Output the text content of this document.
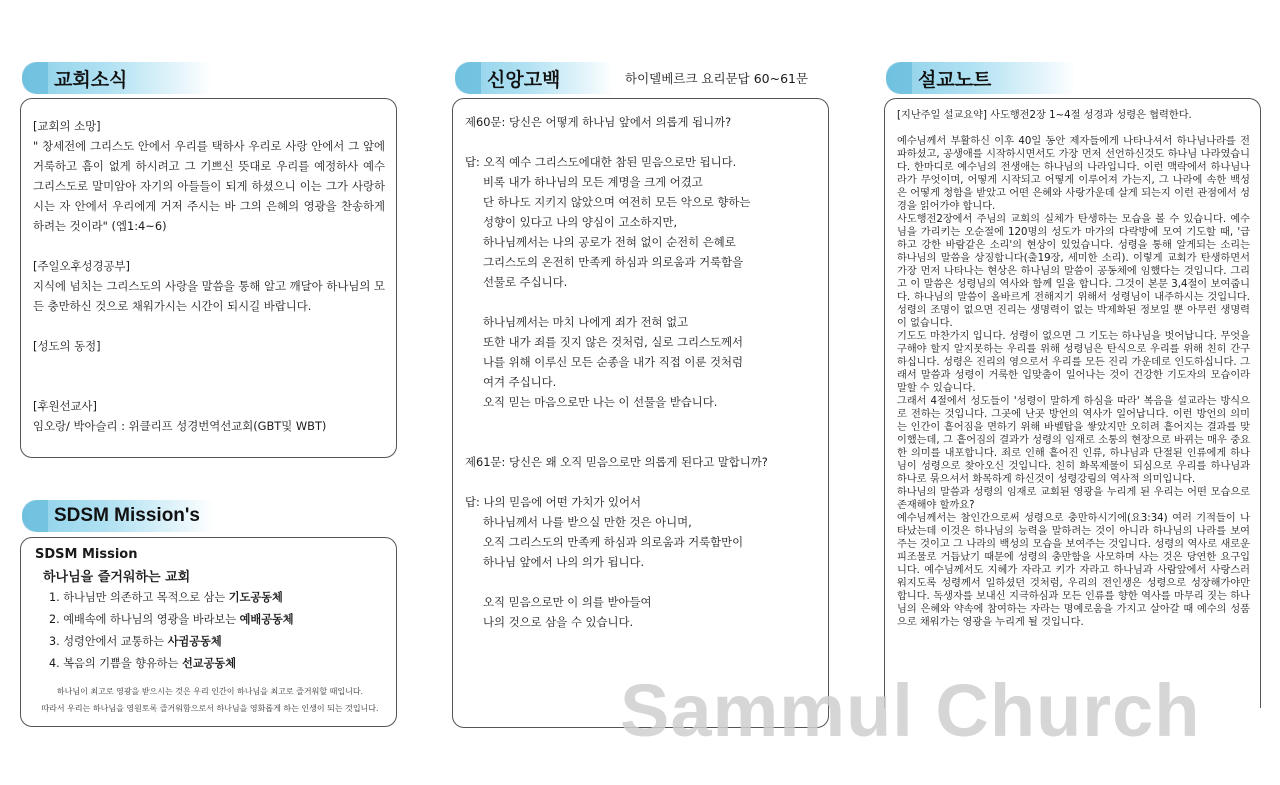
교회소식
[교회의 소망]
" 창세전에 그리스도 안에서 우리를 택하사 우리로 사랑 안에서 그 앞에 거룩하고 흠이 없게 하시려고 그 기쁘신 뜻대로 우리를 예정하사 예수 그리스도로 말미암아 자기의 아들들이 되게 하셨으니 이는 그가 사랑하시는 자 안에서 우리에게 거저 주시는 바 그의 은혜의 영광을 찬송하게 하려는 것이라" (엡1:4~6)
[주일오후성경공부]
지식에 넘치는 그리스도의 사랑을 말씀을 통해 알고 깨달아 하나님의 모든 충만하신 것으로 채워가시는 시간이 되시길 바랍니다.
[성도의 동정]
[후원선교사]
임오랑/ 박아슬리 : 위클리프 성경번역선교회(GBT및 WBT)
SDSM Mission's
SDSM Mission
하나님을 즐거워하는 교회
1. 하나님만 의존하고 목적으로 삼는 기도공동체
2. 예배속에 하나님의 영광을 바라보는 예배공동체
3. 성령안에서 교통하는 사귐공동체
4. 복음의 기쁨을 향유하는 선교공동체
하나님이 최고로 영광을 받으시는 것은 우리 인간이 하나님을 최고로 즐거워할 때입니다.
따라서 우리는 하나님을 영원토록 즐거워함으로서 하나님을 영화롭게 하는 인생이 되는 것입니다.
신앙고백	하이델베르크 요리문답 60~61문
제60문: 당신은 어떻게 하나님 앞에서 의롭게 됩니까?
답: 오직 예수 그리스도에대한 참된 믿음으로만 됩니다.
비록 내가 하나님의 모든 계명을 크게 어겼고
단 하나도 지키지 않았으며 여전히 모든 악으로 향하는
성향이 있다고 나의 양심이 고소하지만,
하나님께서는 나의 공로가 전혀 없이 순전히 은혜로
그리스도의 온전히 만족케 하심과 의로움과 거룩함을
선물로 주십니다.
하나님께서는 마치 나에게 죄가 전혀 없고
또한 내가 죄를 짓지 않은 것처럼, 실로 그리스도께서
나를 위해 이루신 모든 순종을 내가 직접 이룬 것처럼
여겨 주십니다.
오직 믿는 마음으로만 나는 이 선물을 받습니다.
제61문: 당신은 왜 오직 믿음으로만 의롭게 된다고 말합니까?
답: 나의 믿음에 어떤 가치가 있어서
하나님께서 나를 받으실 만한 것은 아니며,
오직 그리스도의 만족케 하심과 의로움과 거룩함만이
하나님 앞에서 나의 의가 됩니다.
오직 믿음으로만 이 의를 받아들여
나의 것으로 삼을 수 있습니다.
설교노트
[지난주일 설교요약] 사도행전2장 1~4절 성경과 성령은 협력한다.
예수님께서 부활하신 이후 40일 동안 제자들에게 나타나셔서 하나님나라를 전파하셨고, 공생애를 시작하시면서도 가장 먼저 선언하신것도 하나님 나라였습니다. 한마디로 예수님의 전생애는 하나님의 나라입니다. 이런 맥락에서 하나님나라가 무엇이며, 어떻게 시작되고 어떻게 이루어져 가는지, 그 나라에 속한 백성은 어떻게 청함을 받았고 어떤 은혜와 사랑가운데 살게 되는지 이런 관점에서 성경을 읽어가야 합니다.
사도행전2장에서 주님의 교회의 실체가 탄생하는 모습을 볼 수 있습니다. 예수님을 가리키는 오순절에 120명의 성도가 마가의 다락방에 모여 기도할 때, '급하고 강한 바람같은 소리'의 현상이 있었습니다. 성령을 통해 알게되는 소리는 하나님의 말씀을 상징합니다(출19장, 세미한 소리). 이렇게 교회가 탄생하면서 가장 먼저 나타나는 현상은 하나님의 말씀이 공동체에 임했다는 것입니다. 그리고 이 말씀은 성령님의 역사와 함께 일을 합니다. 그것이 본문 3,4절이 보여줍니다. 하나님의 말씀이 올바르게 전해지기 위해서 성령님이 내주하시는 것입니다. 성령의 조명이 없으면 진리는 생명력이 없는 박제화된 정보일 뿐 아무런 생명력이 없습니다.
기도도 마찬가지 입니다. 성령이 없으면 그 기도는 하나님을 벗어납니다. 무엇을 구해야 할지 알지못하는 우리를 위해 성령님은 탄식으로 우리를 위해 친히 간구하십니다. 성령은 진리의 영으로서 우리를 모든 진리 가운데로 인도하십니다. 그래서 말씀과 성령이 거룩한 입맞춤이 일어나는 것이 건강한 기도자의 모습이라 말할 수 있습니다.
그래서 4절에서 성도들이 '성령이 말하게 하심을 따라' 복음을 설교라는 방식으로 전하는 것입니다. 그곳에 난곳 방언의 역사가 일어납니다. 이런 방언의 의미는 인간이 흩어짐을 면하기 위해 바벨탑을 쌓았지만 오히려 흩어지는 결과를 맞이했는데, 그 흩어짐의 결과가 성령의 임재로 소통의 현장으로 바뀌는 매우 중요한 의미를 내포합니다. 죄로 인해 흩어진 인류, 하나님과 단절된 인류에게 하나님이 성령으로 찾아오신 것입니다. 친히 화목제물이 되심으로 우리를 하나님과 하나로 묶으셔서 화목하게 하신것이 성령강림의 역사적 의미입니다.
하나님의 말씀과 성령의 임재로 교회된 영광을 누리게 된 우리는 어떤 모습으로 존재해야 할까요?
예수님께서는 참인간으로써 성령으로 충만하시기에(요3:34) 여러 기적들이 나타났는데 이것은 하나님의 능력을 말하려는 것이 아니라 하나님의 나라를 보여주는 것이고 그 나라의 백성의 모습을 보여주는 것입니다. 성령의 역사로 새로운 피조물로 거듭났기 때문에 성령의 충만함을 사모하며 사는 것은 당연한 요구입니다. 예수님께서도 지혜가 자라고 키가 자라고 하나님과 사람앞에서 사랑스러워지도록 성령께서 일하셨던 것처럼, 우리의 전인생은 성령으로 성장해가야만 합니다. 독생자를 보내신 지극하심과 모든 인류를 향한 역사를 마무리 짓는 하나님의 은혜와 약속에 참여하는 자라는 명예로움을 가지고 살아갈 때 예수의 성품으로 채워가는 영광을 누리게 될 것입니다.
Sammul Church
